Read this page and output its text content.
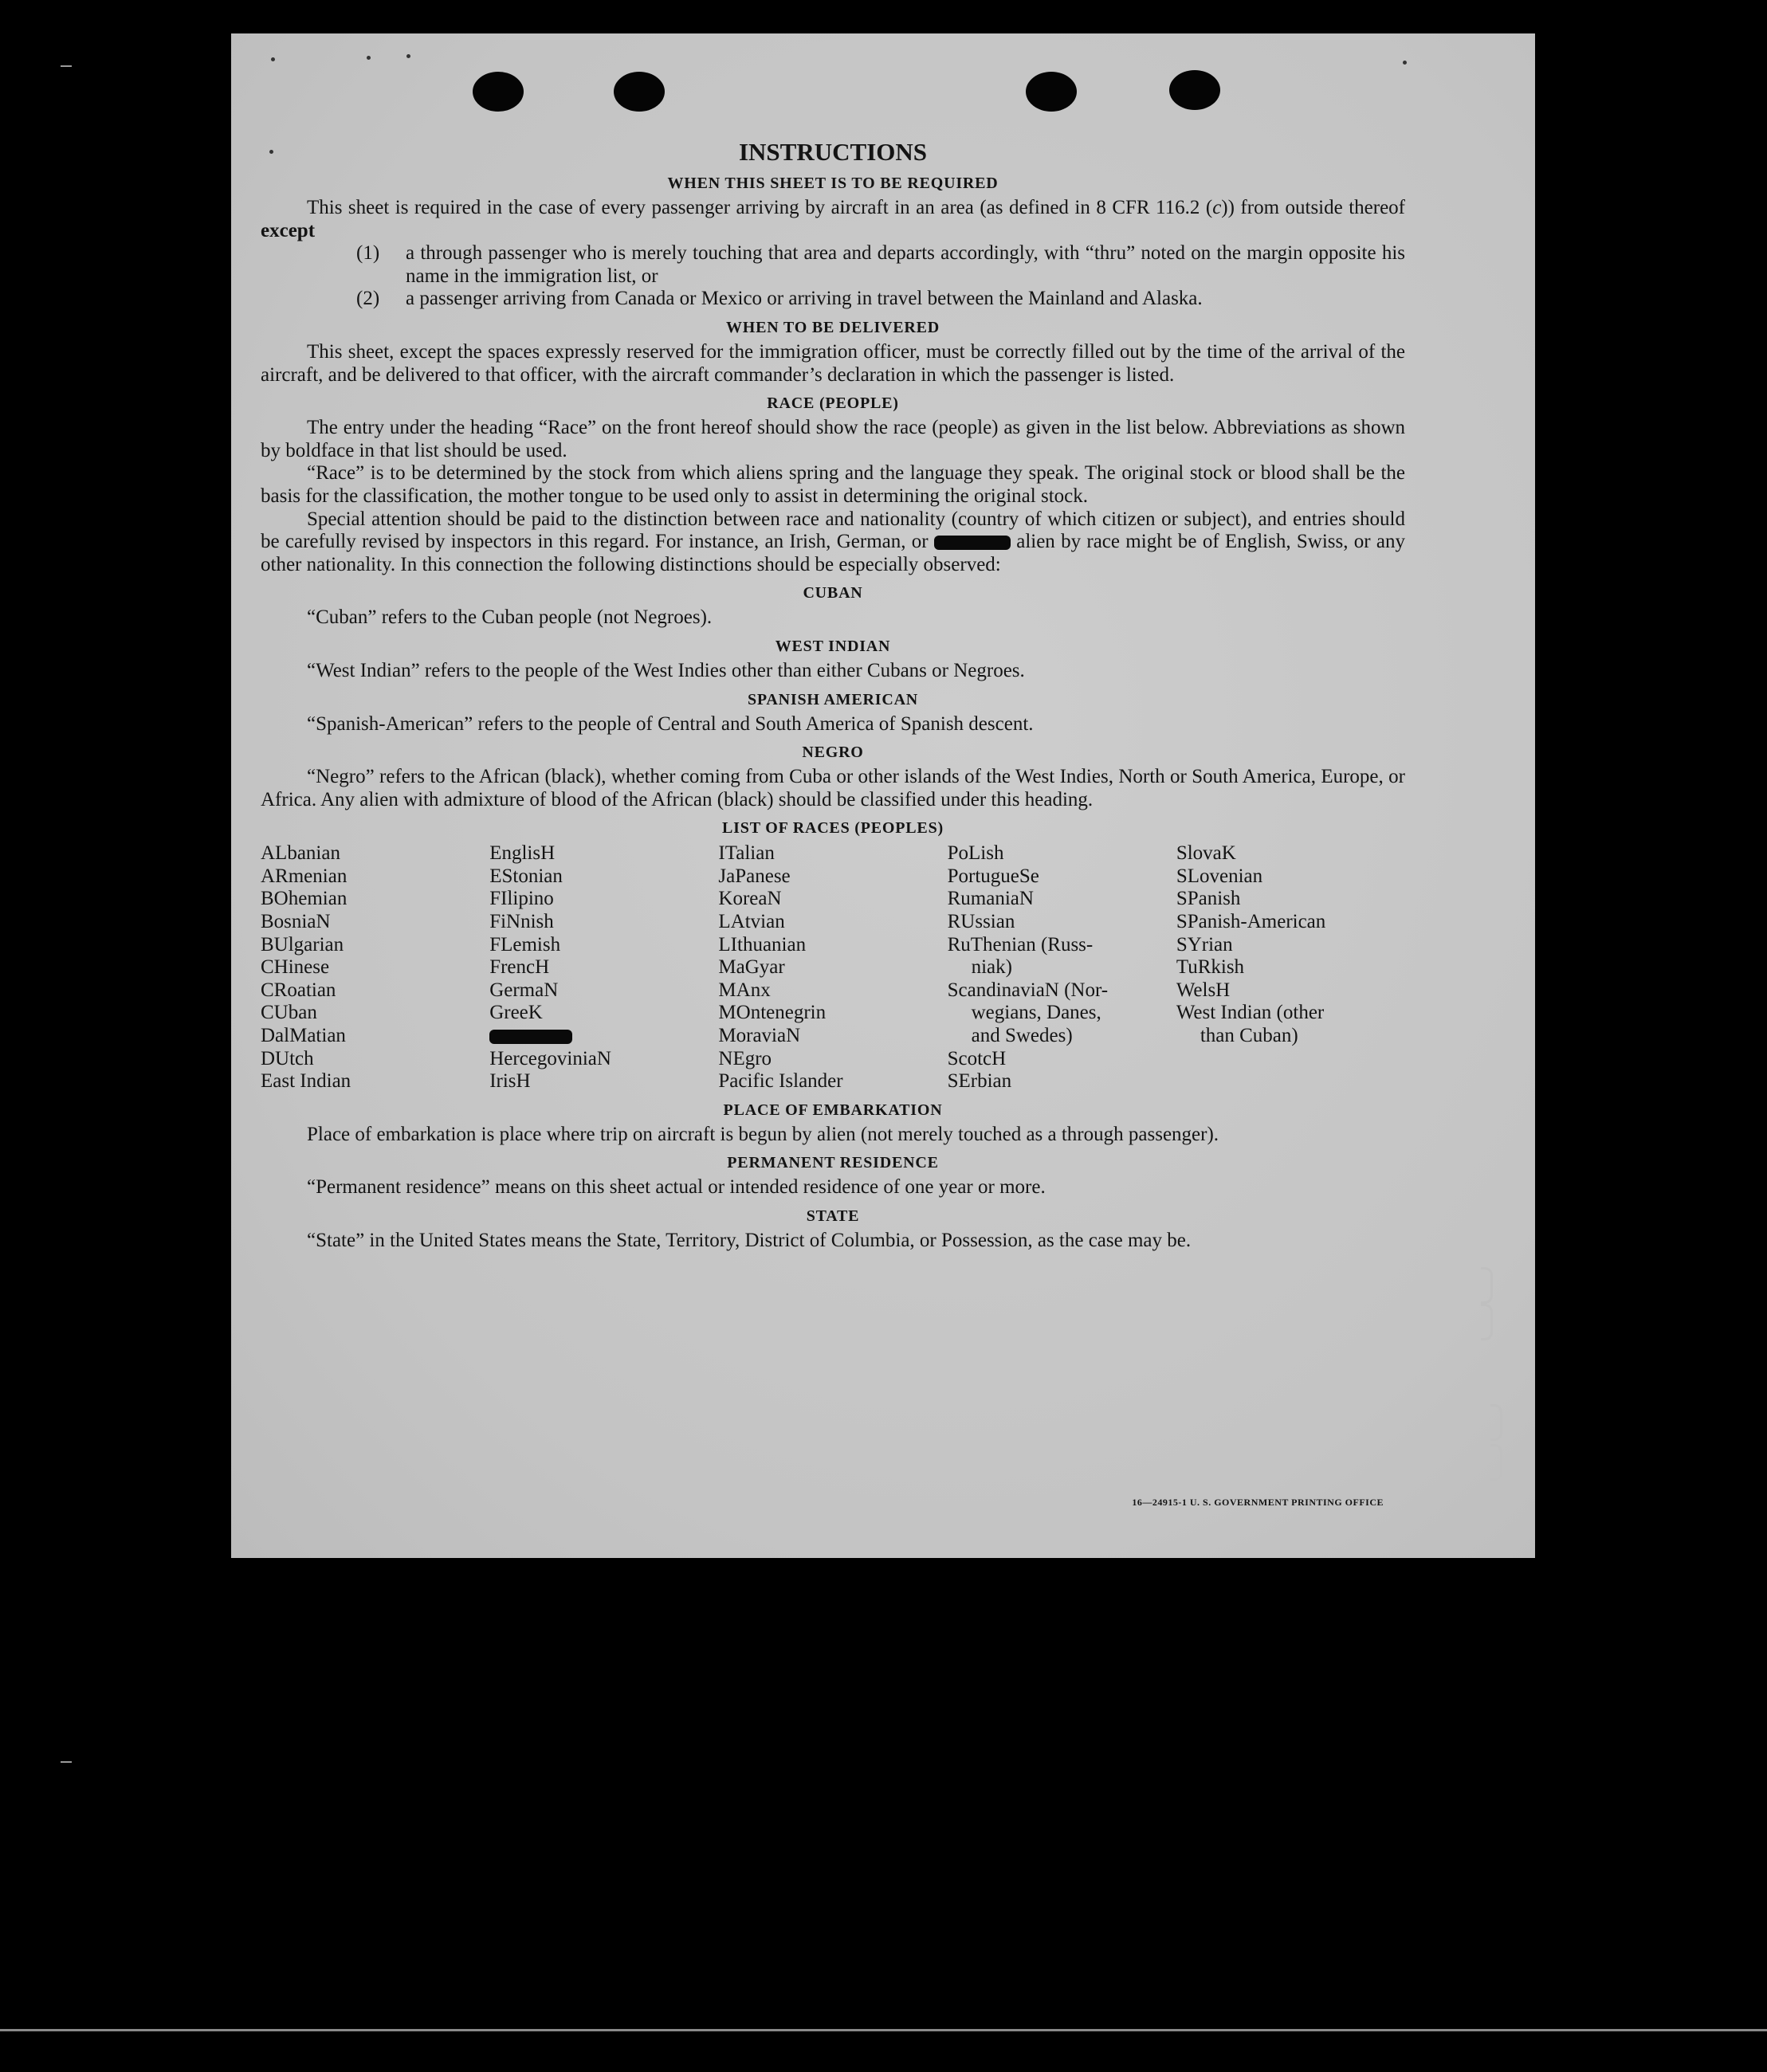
INSTRUCTIONS
WHEN THIS SHEET IS TO BE REQUIRED
This sheet is required in the case of every passenger arriving by aircraft in an area (as defined in 8 CFR 116.2 (c)) from outside thereof except
(1)	a through passenger who is merely touching that area and departs accordingly, with “thru” noted on the margin opposite his name in the immigration list, or
(2)	a passenger arriving from Canada or Mexico or arriving in travel between the Mainland and Alaska.
WHEN TO BE DELIVERED
This sheet, except the spaces expressly reserved for the immigration officer, must be correctly filled out by the time of the arrival of the aircraft, and be delivered to that officer, with the aircraft commander’s declaration in which the passenger is listed.
RACE (PEOPLE)
The entry under the heading “Race” on the front hereof should show the race (people) as given in the list below. Abbreviations as shown by boldface in that list should be used.
“Race” is to be determined by the stock from which aliens spring and the language they speak. The original stock or blood shall be the basis for the classification, the mother tongue to be used only to assist in determining the original stock.
Special attention should be paid to the distinction between race and nationality (country of which citizen or subject), and entries should be carefully revised by inspectors in this regard. For instance, an Irish, German, or	alien by race might be of English, Swiss, or any other nationality. In this connection the following distinctions should be especially observed:
CUBAN
“Cuban” refers to the Cuban people (not Negroes).
WEST INDIAN
“West Indian” refers to the people of the West Indies other than either Cubans or Negroes.
SPANISH AMERICAN
“Spanish-American” refers to the people of Central and South America of Spanish descent.
NEGRO
“Negro” refers to the African (black), whether coming from Cuba or other islands of the West Indies, North or South America, Europe, or Africa. Any alien with admixture of blood of the African (black) should be classified under this heading.
LIST OF RACES (PEOPLES)
ALbanian
ARmenian
BOhemian
BosniaN
BUlgarian
CHinese
CRoatian
CUban
DalMatian
DUtch
East Indian
EnglisH
EStonian
FIlipino
FiNnish
FLemish
FrencH
GermaN
GreeK
HercegoviniaN
IrisH
ITalian
JaPanese
KoreaN
LAtvian
LIthuanian
MaGyar
MAnx
MOntenegrin
MoraviaN
NEgro
Pacific Islander
PoLish
PortugueSe
RumaniaN
RUssian
RuThenian (Russ-
niak)
ScandinaviaN (Nor-
wegians, Danes,
and Swedes)
ScotcH
SErbian
SlovaK
SLovenian
SPanish
SPanish-American
SYrian
TuRkish
WelsH
West Indian (other
than Cuban)
PLACE OF EMBARKATION
Place of embarkation is place where trip on aircraft is begun by alien (not merely touched as a through passenger).
PERMANENT RESIDENCE
“Permanent residence” means on this sheet actual or intended residence of one year or more.
STATE
“State” in the United States means the State, Territory, District of Columbia, or Possession, as the case may be.
16—24915-1 U. S. GOVERNMENT PRINTING OFFICE
